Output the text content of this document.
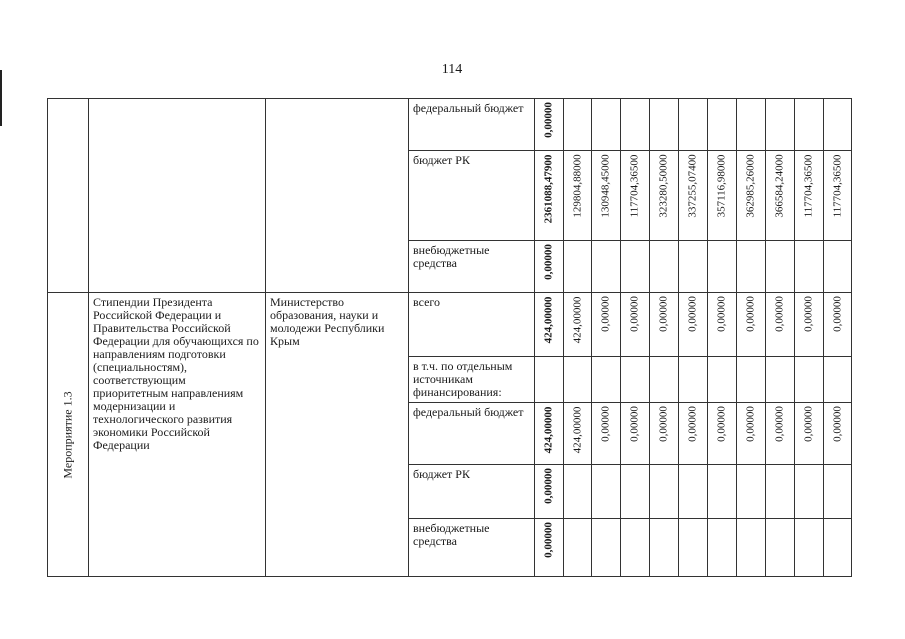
114

			федеральный бюджет	0,00000										

			бюджет РК	2361088,47900	129804,88000	130948,45000	117704,36500	323280,50000	337255,07400	357116,98000	362985,26000	366584,24000	117704,36500	117704,36500

			внебюджетные средства	0,00000										

Мероприятие 1.3	Стипендии Президента Российской Федерации и Правительства Российской Федерации для обучающихся по направлениям подготовки (специальностям), соответствующим приоритетным направлениям модернизации и технологического развития экономики Российской Федерации	Министерство образования, науки и молодежи Республики Крым	всего	424,00000	424,00000	0,00000	0,00000	0,00000	0,00000	0,00000	0,00000	0,00000	0,00000	0,00000

			в т.ч. по отдельным источникам финансирования:											

			федеральный бюджет	424,00000	424,00000	0,00000	0,00000	0,00000	0,00000	0,00000	0,00000	0,00000	0,00000	0,00000

			бюджет РК	0,00000										

			внебюджетные средства	0,00000										
